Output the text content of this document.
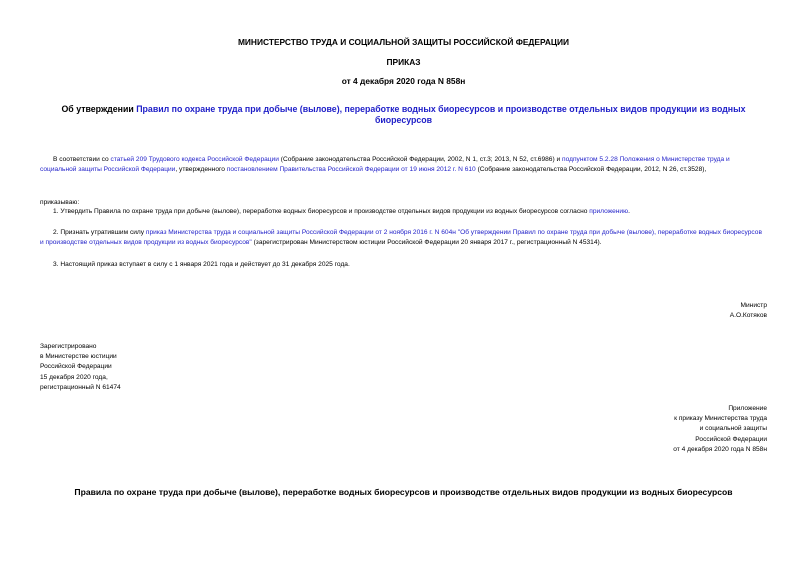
МИНИСТЕРСТВО ТРУДА И СОЦИАЛЬНОЙ ЗАЩИТЫ РОССИЙСКОЙ ФЕДЕРАЦИИ
ПРИКАЗ
от 4 декабря 2020 года N 858н
Об утверждении Правил по охране труда при добыче (вылове), переработке водных биоресурсов и производстве отдельных видов продукции из водных биоресурсов
В соответствии со статьей 209 Трудового кодекса Российской Федерации (Собрание законодательства Российской Федерации, 2002, N 1, ст.3; 2013, N 52, ст.6986) и подпунктом 5.2.28 Положения о Министерстве труда и социальной защиты Российской Федерации, утвержденного постановлением Правительства Российской Федерации от 19 июня 2012 г. N 610 (Собрание законодательства Российской Федерации, 2012, N 26, ст.3528),
приказываю:
1. Утвердить Правила по охране труда при добыче (вылове), переработке водных биоресурсов и производстве отдельных видов продукции из водных биоресурсов согласно приложению.
2. Признать утратившим силу приказ Министерства труда и социальной защиты Российской Федерации от 2 ноября 2016 г. N 604н "Об утверждении Правил по охране труда при добыче (вылове), переработке водных биоресурсов и производстве отдельных видов продукции из водных биоресурсов" (зарегистрирован Министерством юстиции Российской Федерации 20 января 2017 г., регистрационный N 45314).
3. Настоящий приказ вступает в силу с 1 января 2021 года и действует до 31 декабря 2025 года.
Министр
А.О.Котяков
Зарегистрировано
в Министерстве юстиции
Российской Федерации
15 декабря 2020 года,
регистрационный N 61474
Приложение
к приказу Министерства труда
и социальной защиты
Российской Федерации
от 4 декабря 2020 года N 858н
Правила по охране труда при добыче (вылове), переработке водных биоресурсов и производстве отдельных видов продукции из водных биоресурсов
